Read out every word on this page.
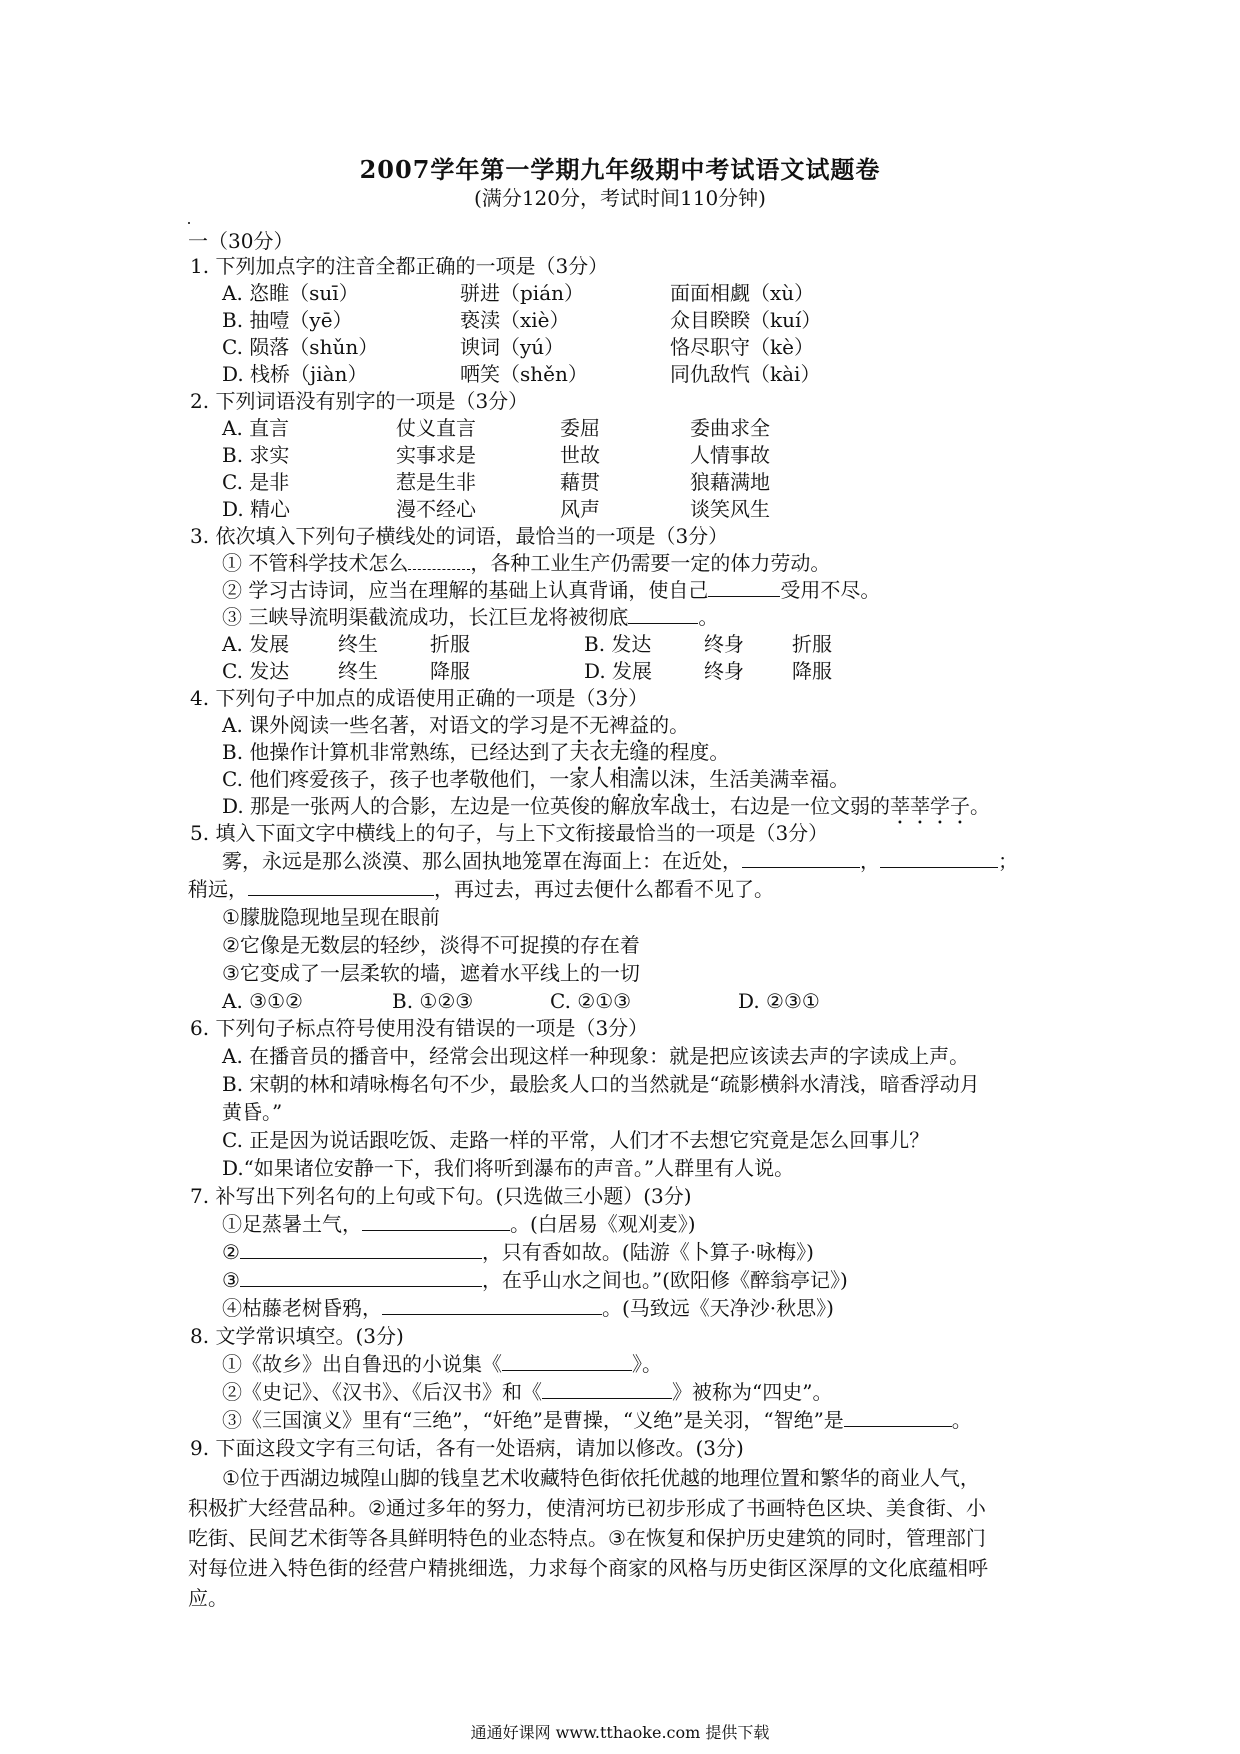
2007学年第一学期九年级期中考试语文试题卷
(满分120分，考试时间110分钟)
一（30分）
1. 下列加点字的注音全都正确的一项是（3分）
A. 恣睢（suī）	骈进（pián）	面面相觑（xù）
B. 抽噎（yē）	亵渎（xiè）	众目睽睽（kuí）
C. 陨落（shǔn）	谀词（yú）	恪尽职守（kè）
D. 栈桥（jiàn）	哂笑（shěn）	同仇敌忾（kài）
2. 下列词语没有别字的一项是（3分）
A. 直言	仗义直言	委屈	委曲求全
B. 求实	实事求是	世故	人情事故
C. 是非	惹是生非	藉贯	狼藉满地
D. 精心	漫不经心	风声	谈笑风生
3. 依次填入下列句子横线处的词语，最恰当的一项是（3分）
① 不管科学技术怎么	，各种工业生产仍需要一定的体力劳动。
② 学习古诗词，应当在理解的基础上认真背诵，使自己	受用不尽。
③ 三峡导流明渠截流成功，长江巨龙将被彻底	。
A. 发展 终生	折服	B. 发达	终身 折服
C. 发达 终生	降服	D. 发展	终身 降服
4. 下列句子中加点的成语使用正确的一项是（3分）
A. 课外阅读一些名著，对语文的学习是不无裨益的。
B. 他操作计算机非常熟练，已经达到了天衣无缝的程度。
C. 他们疼爱孩子，孩子也孝敬他们，一家人相濡以沫，生活美满幸福。
D. 那是一张两人的合影，左边是一位英俊的解放军战士，右边是一位文弱的莘莘学子。
5. 填入下面文字中横线上的句子，与上下文衔接最恰当的一项是（3分）
雾，永远是那么淡漠、那么固执地笼罩在海面上：在近处，	，	；
稍远，	，再过去，再过去便什么都看不见了。
①朦胧隐现地呈现在眼前
②它像是无数层的轻纱，淡得不可捉摸的存在着
③它变成了一层柔软的墙，遮着水平线上的一切
A. ③①②	B. ①②③	C. ②①③	D. ②③①
6. 下列句子标点符号使用没有错误的一项是（3分）
A. 在播音员的播音中，经常会出现这样一种现象：就是把应该读去声的字读成上声。
B. 宋朝的林和靖咏梅名句不少，最脍炙人口的当然就是“疏影横斜水清浅，暗香浮动月
黄昏。”
C. 正是因为说话跟吃饭、走路一样的平常，人们才不去想它究竟是怎么回事儿？
D.“如果诸位安静一下，我们将听到瀑布的声音。”人群里有人说。
7. 补写出下列名句的上句或下句。(只选做三小题）(3分)
①足蒸暑土气，	。(白居易《观刈麦》)
②	，只有香如故。(陆游《卜算子·咏梅》)
③	，在乎山水之间也。”(欧阳修《醉翁亭记》)
④枯藤老树昏鸦，	。(马致远《天净沙·秋思》)
8. 文学常识填空。(3分)
①《故乡》出自鲁迅的小说集《	》。
②《史记》、《汉书》、《后汉书》和《	》被称为“四史”。
③《三国演义》里有“三绝”，“奸绝”是曹操，“义绝”是关羽，“智绝”是	。
9. 下面这段文字有三句话，各有一处语病，请加以修改。(3分)
①位于西湖边城隍山脚的钱皇艺术收藏特色街依托优越的地理位置和繁华的商业人气，
积极扩大经营品种。②通过多年的努力，使清河坊已初步形成了书画特色区块、美食街、小
吃街、民间艺术街等各具鲜明特色的业态特点。③在恢复和保护历史建筑的同时，管理部门
对每位进入特色街的经营户精挑细选，力求每个商家的风格与历史街区深厚的文化底蕴相呼
应。
通通好课网 www.tthaoke.com 提供下载
